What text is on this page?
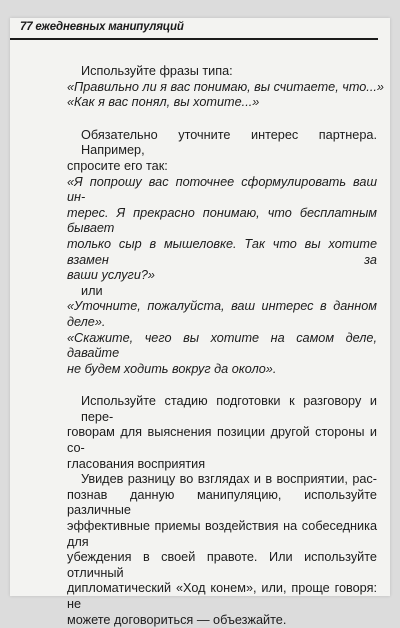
77 ежедневных манипуляций
Используйте фразы типа:
«Правильно ли я вас понимаю, вы считаете, что...»
«Как я вас понял, вы хотите...»
Обязательно уточните интерес партнера. Например,
спросите его так:
«Я попрошу вас поточнее сформулировать ваш ин-
терес. Я прекрасно понимаю, что бесплатным бывает
только сыр в мышеловке. Так что вы хотите взамен за
ваши услуги?»
или
«Уточните, пожалуйста, ваш интерес в данном
деле».
«Скажите, чего вы хотите на самом деле, давайте
не будем ходить вокруг да около».
Используйте стадию подготовки к разговору и пере-
говорам для выяснения позиции другой стороны и со-
гласования восприятия
Увидев разницу во взглядах и в восприятии, рас-
познав данную манипуляцию, используйте различные
эффективные приемы воздействия на собеседника для
убеждения в своей правоте. Или используйте отличный
дипломатический «Ход конем», или, проще говоря: не
можете договориться — объезжайте.
